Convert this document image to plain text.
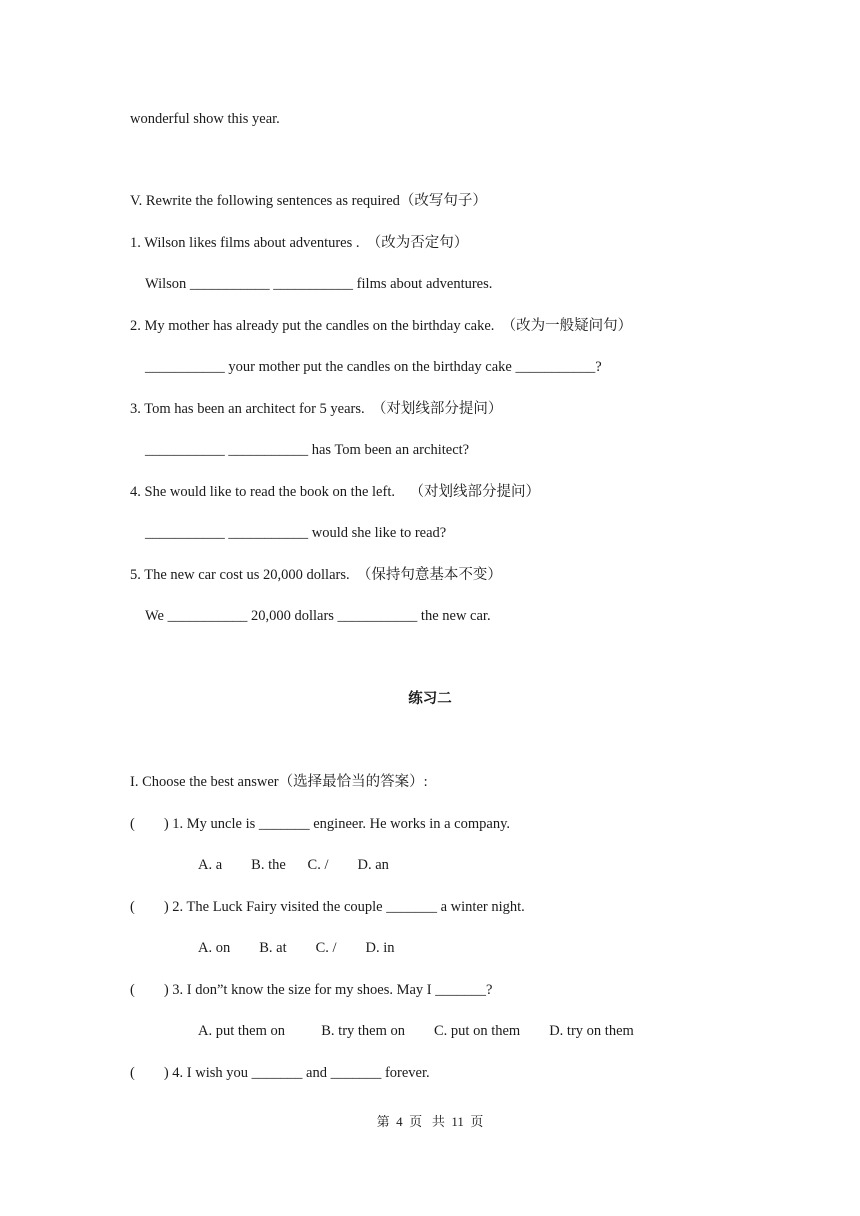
wonderful show this year.
V. Rewrite the following sentences as required（改写句子）
1. Wilson likes films about adventures .  （改为否定句）
Wilson ___________ ___________ films about adventures.
2. My mother has already put the candles on the birthday cake.  （改为一般疑问句）
___________ your mother put the candles on the birthday cake ___________?
3. Tom has been an architect for 5 years.  （对划线部分提问）
___________ ___________ has Tom been an architect?
4. She would like to read the book on the left.    （对划线部分提问）
___________ ___________ would she like to read?
5. The new car cost us 20,000 dollars.  （保持句意基本不变）
We ___________ 20,000 dollars ___________ the new car.
练习二
I. Choose the best answer（选择最恰当的答案）:
(        ) 1. My uncle is _______ engineer. He works in a company.
A. a        B. the      C. /        D. an
(        ) 2. The Luck Fairy visited the couple _______ a winter night.
A. on        B. at        C. /        D. in
(        ) 3. I don”t know the size for my shoes. May I _______?
A. put them on          B. try them on        C. put on them        D. try on them
(        ) 4. I wish you _______ and _______ forever.
第  4  页   共  11  页
